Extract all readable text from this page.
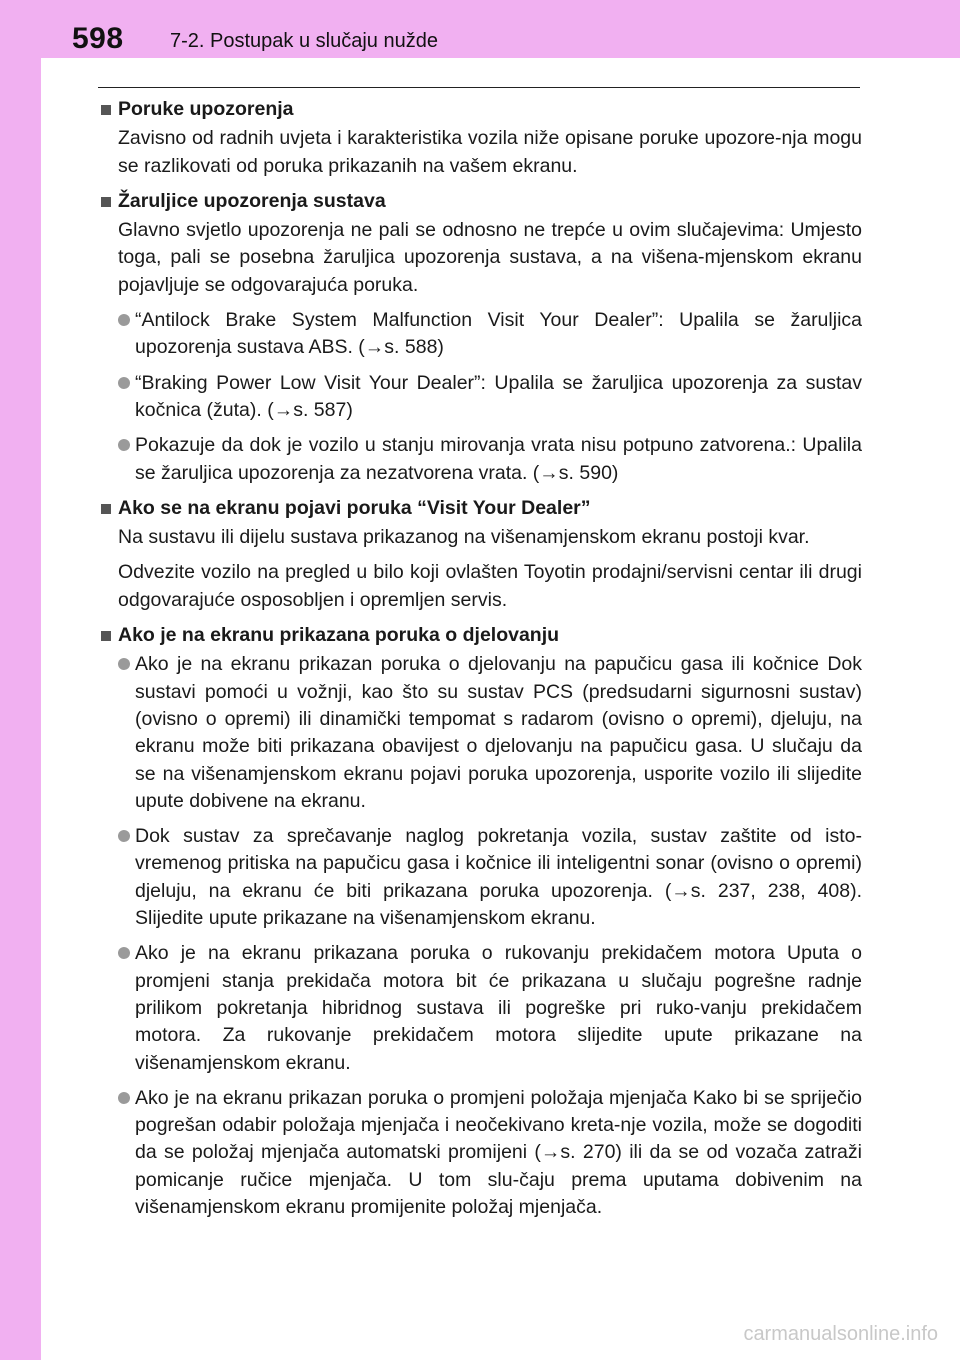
598 7-2. Postupak u slučaju nužde
Poruke upozorenja
Zavisno od radnih uvjeta i karakteristika vozila niže opisane poruke upozore-nja mogu se razlikovati od poruka prikazanih na vašem ekranu.
Žaruljice upozorenja sustava
Glavno svjetlo upozorenja ne pali se odnosno ne trepće u ovim slučajevima: Umjesto toga, pali se posebna žaruljica upozorenja sustava, a na višena-mjenskom ekranu pojavljuje se odgovarajuća poruka.
“Antilock Brake System Malfunction Visit Your Dealer”: Upalila se žaruljica upozorenja sustava ABS. (→s. 588)
“Braking Power Low Visit Your Dealer”: Upalila se žaruljica upozorenja za sustav kočnica (žuta). (→s. 587)
Pokazuje da dok je vozilo u stanju mirovanja vrata nisu potpuno zatvorena.: Upalila se žaruljica upozorenja za nezatvorena vrata. (→s. 590)
Ako se na ekranu pojavi poruka “Visit Your Dealer”
Na sustavu ili dijelu sustava prikazanog na višenamjenskom ekranu postoji kvar.
Odvezite vozilo na pregled u bilo koji ovlašten Toyotin prodajni/servisni centar ili drugi odgovarajuće osposobljen i opremljen servis.
Ako je na ekranu prikazana poruka o djelovanju
Ako je na ekranu prikazan poruka o djelovanju na papučicu gasa ili kočnice Dok sustavi pomoći u vožnji, kao što su sustav PCS (predsudarni sigurnosni sustav) (ovisno o opremi) ili dinamički tempomat s radarom (ovisno o opremi), djeluju, na ekranu može biti prikazana obavijest o djelovanju na papučicu gasa. U slučaju da se na višenamjenskom ekranu pojavi poruka upozorenja, usporite vozilo ili slijedite upute dobivene na ekranu.
Dok sustav za sprečavanje naglog pokretanja vozila, sustav zaštite od isto-vremenog pritiska na papučicu gasa i kočnice ili inteligentni sonar (ovisno o opremi) djeluju, na ekranu će biti prikazana poruka upozorenja. (→s. 237, 238, 408). Slijedite upute prikazane na višenamjenskom ekranu.
Ako je na ekranu prikazana poruka o rukovanju prekidačem motora Uputa o promjeni stanja prekidača motora bit će prikazana u slučaju pogrešne radnje prilikom pokretanja hibridnog sustava ili pogreške pri ruko-vanju prekidačem motora. Za rukovanje prekidačem motora slijedite upute prikazane na višenamjenskom ekranu.
Ako je na ekranu prikazan poruka o promjeni položaja mjenjača Kako bi se spriječio pogrešan odabir položaja mjenjača i neočekivano kreta-nje vozila, može se dogoditi da se položaj mjenjača automatski promijeni (→s. 270) ili da se od vozača zatraži pomicanje ručice mjenjača. U tom slu-čaju prema uputama dobivenim na višenamjenskom ekranu promijenite položaj mjenjača.
carmanualsonline.info
